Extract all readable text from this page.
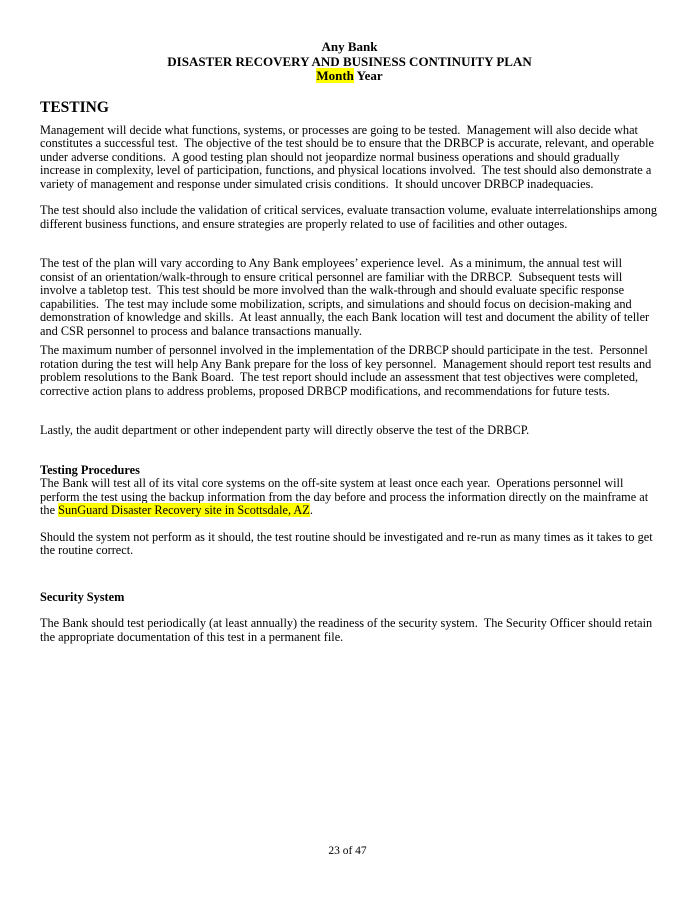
Any Bank
DISASTER RECOVERY AND BUSINESS CONTINUITY PLAN
Month Year
TESTING

Management will decide what functions, systems, or processes are going to be tested.  Management will also decide what constitutes a successful test.  The objective of the test should be to ensure that the DRBCP is accurate, relevant, and operable under adverse conditions.  A good testing plan should not jeopardize normal business operations and should gradually increase in complexity, level of participation, functions, and physical locations involved.  The test should also demonstrate a variety of management and response under simulated crisis conditions.  It should uncover DRBCP inadequacies.

The test should also include the validation of critical services, evaluate transaction volume, evaluate interrelationships among different business functions, and ensure strategies are properly related to use of facilities and other outages.

The test of the plan will vary according to Any Bank employees’ experience level.  As a minimum, the annual test will consist of an orientation/walk-through to ensure critical personnel are familiar with the DRBCP.  Subsequent tests will involve a tabletop test.  This test should be more involved than the walk-through and should evaluate specific response capabilities.  The test may include some mobilization, scripts, and simulations and should focus on decision-making and demonstration of knowledge and skills.  At least annually, the each Bank location will test and document the ability of teller and CSR personnel to process and balance transactions manually.

The maximum number of personnel involved in the implementation of the DRBCP should participate in the test.  Personnel rotation during the test will help Any Bank prepare for the loss of key personnel.  Management should report test results and problem resolutions to the Bank Board.  The test report should include an assessment that test objectives were completed, corrective action plans to address problems, proposed DRBCP modifications, and recommendations for future tests.

Lastly, the audit department or other independent party will directly observe the test of the DRBCP.

Testing Procedures

The Bank will test all of its vital core systems on the off-site system at least once each year.  Operations personnel will perform the test using the backup information from the day before and process the information directly on the mainframe at the SunGuard Disaster Recovery site in Scottsdale, AZ.

Should the system not perform as it should, the test routine should be investigated and re-run as many times as it takes to get the routine correct.

Security System

The Bank should test periodically (at least annually) the readiness of the security system.  The Security Officer should retain the appropriate documentation of this test in a permanent file.

23 of 47
